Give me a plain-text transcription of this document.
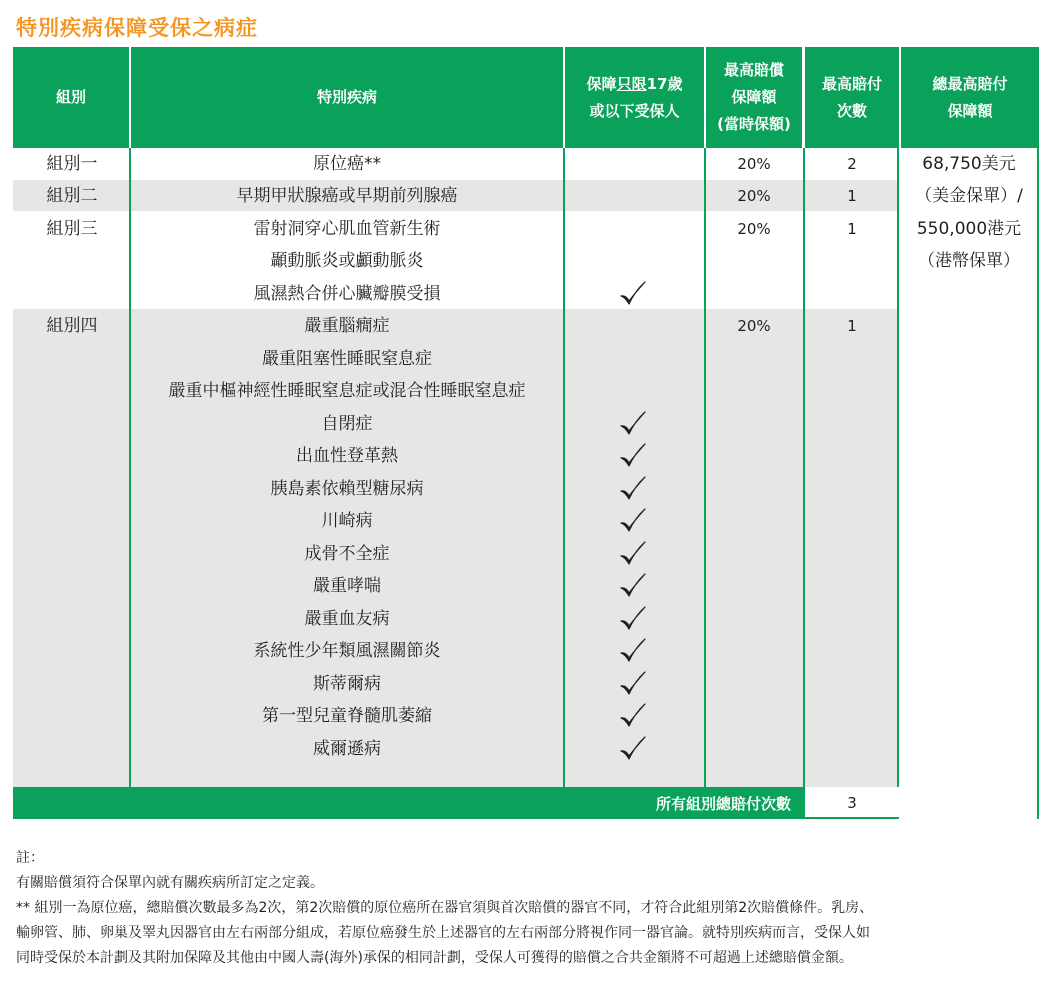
特別疾病保障受保之病症
組別	特別疾病
保障只限17歲
或以下受保人
最高賠償
保障額
(當時保額)
最高賠付
次數
總最高賠付
保障額
組別一
組別二
組別三
組別四
原位癌**
早期甲狀腺癌或早期前列腺癌
雷射洞穿心肌血管新生術
顳動脈炎或顱動脈炎
風濕熱合併心臟瓣膜受損
嚴重腦癇症
嚴重阻塞性睡眠窒息症
嚴重中樞神經性睡眠窒息症或混合性睡眠窒息症
自閉症
出血性登革熱
胰島素依賴型糖尿病
川崎病
成骨不全症
嚴重哮喘
嚴重血友病
系統性少年類風濕關節炎
斯蒂爾病
第一型兒童脊髓肌萎縮
威爾遜病
20%
20%
20%
20%
2
1
1
1
68,750美元
（美金保單）/
550,000港元
（港幣保單）
所有組別總賠付次數	3
註：
有關賠償須符合保單內就有關疾病所訂定之定義。
** 組別一為原位癌，總賠償次數最多為2次，第2次賠償的原位癌所在器官須與首次賠償的器官不同，才符合此組別第2次賠償條件。乳房、
輸卵管、肺、卵巢及睪丸因器官由左右兩部分組成，若原位癌發生於上述器官的左右兩部分將視作同一器官論。就特別疾病而言，受保人如
同時受保於本計劃及其附加保障及其他由中國人壽(海外)承保的相同計劃，受保人可獲得的賠償之合共金額將不可超過上述總賠償金額。
